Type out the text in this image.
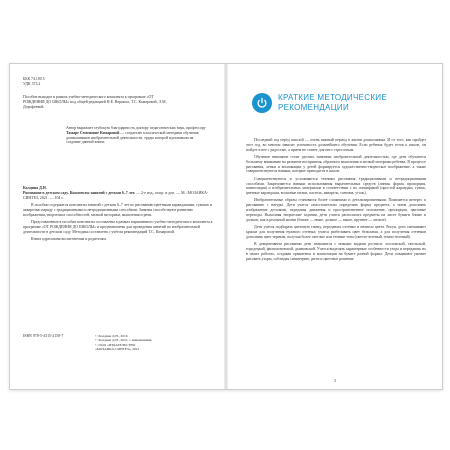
ББК 74.100.5
УДК 373.2
Пособие выходит в рамках учебно-методического комплекта к программе «ОТ РОЖДЕНИЯ ДО ШКОЛЫ» под общей редакцией Н.Е. Вераксы, Т.С. Комаровой, Э.М. Дорофеевой.
Автор выражает глубокую благодарность доктору педагогических наук, профессору Тамаре Семеновне Комаровой — создателю классической методики обучения дошкольников изобразительной деятельности, труды которой вдохновили на создание данной книги.

Колдина Д.Н.
Рисование в детском саду. Конспекты занятий с детьми 6–7 лет. — 2-е изд., испр. и доп. — М.: МОЗАИКА-СИНТЕЗ, 2021. — 104 с.

В пособии содержатся конспекты занятий с детьми 6–7 лет по рисованию цветными карандашами, гуашью и акварелью наряду с традиционными и нетрадиционными способами. Занятия способствуют развитию воображения, творческих способностей, мелкой моторики, мышления и речи.

Представленные в пособии конспекты составлены в рамках вариативного учебно-методического комплекта к программе «ОТ РОЖДЕНИЯ ДО ШКОЛЫ» и предназначены для проведения занятий по изобразительной деятельности в детском саду. Методика составлена с учётом рекомендаций Т.С. Комаровой.

Книга адресована воспитателям и родителям.

ISBN 978-5-4315-2158-7	© Колдина Д.Н., 2016
© Колдина Д.Н., 2021, с изменениями
© ООО «ИЗДАТЕЛЬСТВО
«МОЗАИКА-СИНТЕЗ», 2021
КРАТКИЕ МЕТОДИЧЕСКИЕ РЕКОМЕНДАЦИИ

Последний год перед школой — очень важный период в жизни дошкольника. И от того, как пройдет этот год, во многом зависит успешность дальнейшего обучения. Если ребенок будет готов к школе, он пойдет в нее с радостью, а прием не станет для него стрессовым.

Обучение внимание стоит уделять занятиям изобразительной деятельностью, где дети обучаются большему вниманию на развитие восприятия, образного мышления и мелкой моторики ребенка. В процессе рисования, лепки и аппликации у детей формируется художественно-творческое воображение, а также совершенствуются навыки, которые пригодятся в школе.

Совершенствуются и усложняются техники рисования традиционными и нетрадиционными способами. Закрепляются навыки использования выразительных средств (линия, форма, пропорция, композиция) и изобразительных материалов в соответствии с их спецификой (простой карандаш, гуашь, цветные карандаши, восковые мелки, пастель, акварель, сангина, уголь).

Изобразительные образы становятся более сложными и детализированными. Появляется интерес к рисованию с натуры. Дети учатся самостоятельно определять форму предмета, а затем дополнять изображение деталями, передавая движения и пространственное положение, пропорции, цветовые переходы. Выполняя творческие задания, дети учатся располагать предметы на листе бумаги ближе и дальше, как в реальной жизни (ближе — ниже, дальше — выше, крупнее — мельче).

Дети учатся подбирать цветовую гамму, передавать оттенки и нюансы цвета. Рисуя, дети смешивают краски для получения нужного оттенка; учатся разбеливать цвет белилами, а для получения оттенков дополнять цвет черным, получая более светлые или темные тона (светло-зеленый, темно-зеленый).

В декоративном рисовании дети знакомятся с новыми видами росписи: хохломской, гжельской, городецкой, филимоновской, дымковской. Учатся выделять характерные особенности узора и передавать их в своих работах, создавая орнаменты и композиции на бумаге разной формы. Дети осваивают умение рисовать узоры, соблюдая симметрию, ритм и цветовое решение.

3
